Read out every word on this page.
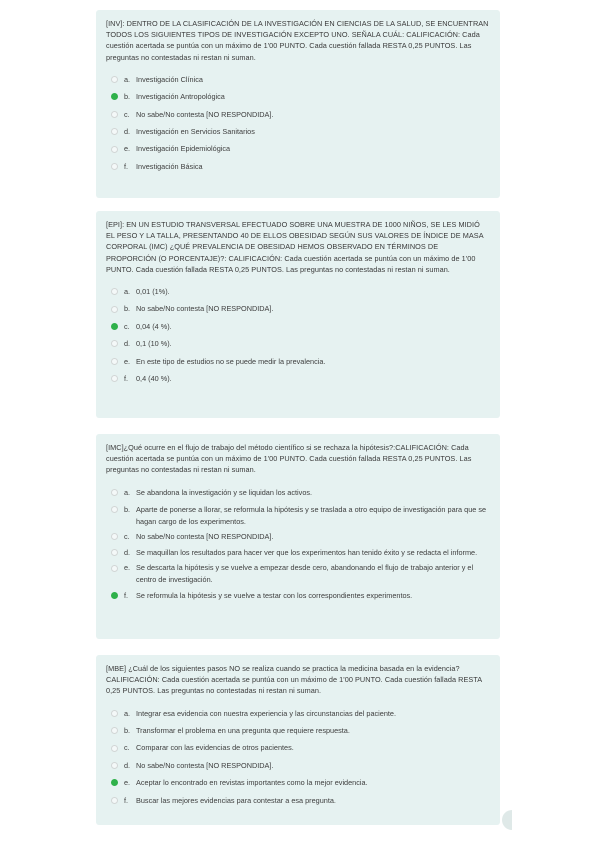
[INV]: DENTRO DE LA CLASIFICACIÓN DE LA INVESTIGACIÓN EN CIENCIAS DE LA SALUD, SE ENCUENTRAN TODOS LOS SIGUIENTES TIPOS DE INVESTIGACIÓN EXCEPTO UNO. SEÑALA CUÁL: CALIFICACIÓN: Cada cuestión acertada se puntúa con un máximo de 1'00 PUNTO. Cada cuestión fallada RESTA 0,25 PUNTOS. Las preguntas no contestadas ni restan ni suman.

a. Investigación Clínica
b. Investigación Antropológica
c. No sabe/No contesta [NO RESPONDIDA].
d. Investigación en Servicios Sanitarios
e. Investigación Epidemiológica
f. Investigación Básica

[EPI]: EN UN ESTUDIO TRANSVERSAL EFECTUADO SOBRE UNA MUESTRA DE 1000 NIÑOS, SE LES MIDIÓ EL PESO Y LA TALLA, PRESENTANDO 40 DE ELLOS OBESIDAD SEGÚN SUS VALORES DE ÍNDICE DE MASA CORPORAL (IMC) ¿QUÉ PREVALENCIA DE OBESIDAD HEMOS OBSERVADO EN TÉRMINOS DE PROPORCIÓN (O PORCENTAJE)?: CALIFICACIÓN: Cada cuestión acertada se puntúa con un máximo de 1'00 PUNTO. Cada cuestión fallada RESTA 0,25 PUNTOS. Las preguntas no contestadas ni restan ni suman.

a. 0,01 (1%).
b. No sabe/No contesta [NO RESPONDIDA].
c. 0,04 (4 %).
d. 0,1 (10 %).
e. En este tipo de estudios no se puede medir la prevalencia.
f. 0,4 (40 %).

[IMC]¿Qué ocurre en el flujo de trabajo del método científico si se rechaza la hipótesis?:CALIFICACIÓN: Cada cuestión acertada se puntúa con un máximo de 1'00 PUNTO. Cada cuestión fallada RESTA 0,25 PUNTOS. Las preguntas no contestadas ni restan ni suman.

a. Se abandona la investigación y se liquidan los activos.
b. Aparte de ponerse a llorar, se reformula la hipótesis y se traslada a otro equipo de investigación para que se hagan cargo de los experimentos.
c. No sabe/No contesta [NO RESPONDIDA].
d. Se maquillan los resultados para hacer ver que los experimentos han tenido éxito y se redacta el informe.
e. Se descarta la hipótesis y se vuelve a empezar desde cero, abandonando el flujo de trabajo anterior y el centro de investigación.
f. Se reformula la hipótesis y se vuelve a testar con los correspondientes experimentos.

[MBE] ¿Cuál de los siguientes pasos NO se realiza cuando se practica la medicina basada en la evidencia? CALIFICACIÓN: Cada cuestión acertada se puntúa con un máximo de 1'00 PUNTO. Cada cuestión fallada RESTA 0,25 PUNTOS. Las preguntas no contestadas ni restan ni suman.

a. Integrar esa evidencia con nuestra experiencia y las circunstancias del paciente.
b. Transformar el problema en una pregunta que requiere respuesta.
c. Comparar con las evidencias de otros pacientes.
d. No sabe/No contesta [NO RESPONDIDA].
e. Aceptar lo encontrado en revistas importantes como la mejor evidencia.
f. Buscar las mejores evidencias para contestar a esa pregunta.
